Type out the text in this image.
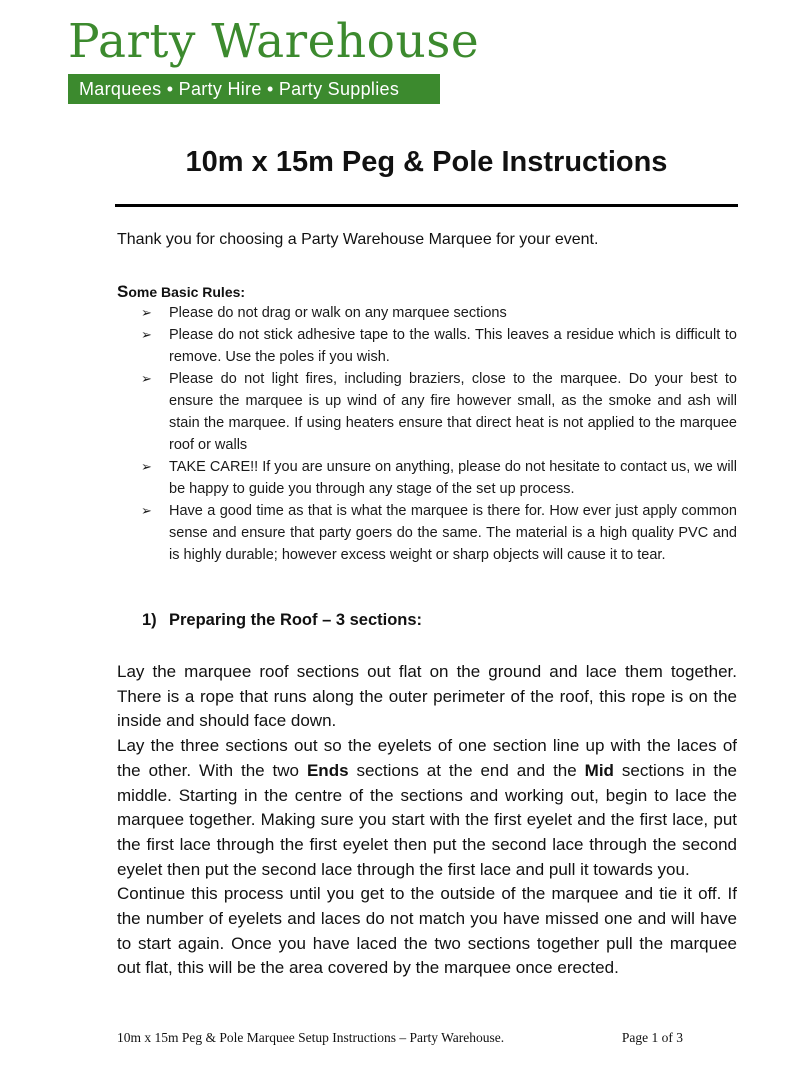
Party Warehouse
Marquees • Party Hire • Party Supplies
10m x 15m Peg & Pole Instructions

Thank you for choosing a Party Warehouse Marquee for your event.

Some Basic Rules:

➢ Please do not drag or walk on any marquee sections
➢ Please do not stick adhesive tape to the walls. This leaves a residue which is difficult to remove. Use the poles if you wish.
➢ Please do not light fires, including braziers, close to the marquee. Do your best to ensure the marquee is up wind of any fire however small, as the smoke and ash will stain the marquee. If using heaters ensure that direct heat is not applied to the marquee roof or walls
➢ TAKE CARE!! If you are unsure on anything, please do not hesitate to contact us, we will be happy to guide you through any stage of the set up process.
➢ Have a good time as that is what the marquee is there for. How ever just apply common sense and ensure that party goers do the same. The material is a high quality PVC and is highly durable; however excess weight or sharp objects will cause it to tear.
1) Preparing the Roof – 3 sections:

Lay the marquee roof sections out flat on the ground and lace them together. There is a rope that runs along the outer perimeter of the roof, this rope is on the inside and should face down.

Lay the three sections out so the eyelets of one section line up with the laces of the other. With the two Ends sections at the end and the Mid sections in the middle. Starting in the centre of the sections and working out, begin to lace the marquee together. Making sure you start with the first eyelet and the first lace, put the first lace through the first eyelet then put the second lace through the second eyelet then put the second lace through the first lace and pull it towards you.

Continue this process until you get to the outside of the marquee and tie it off. If the number of eyelets and laces do not match you have missed one and will have to start again. Once you have laced the two sections together pull the marquee out flat, this will be the area covered by the marquee once erected.

10m x 15m Peg & Pole Marquee Setup Instructions – Party Warehouse.	Page 1 of 3
